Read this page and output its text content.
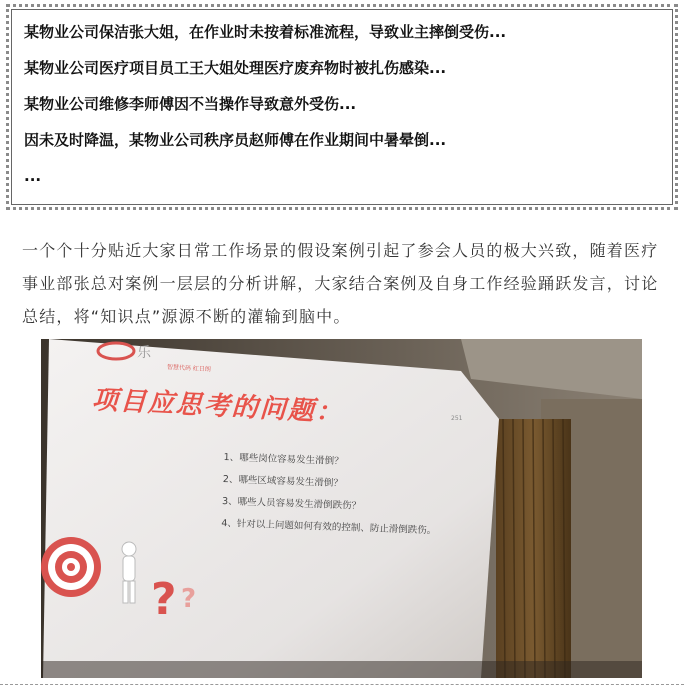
某物业公司保洁张大姐，在作业时未按着标准流程，导致业主摔倒受伤...
某物业公司医疗项目员工王大姐处理医疗废弃物时被扎伤感染...
某物业公司维修李师傅因不当操作导致意外受伤...
因未及时降温，某物业公司秩序员赵师傅在作业期间中暑晕倒...
...
一个个十分贴近大家日常工作场景的假设案例引起了参会人员的极大兴致，随着医疗事业部张总对案例一层层的分析讲解，大家结合案例及自身工作经验踊跃发言，讨论总结，将“知识点”源源不断的灌输到脑中。
? ?
乐
智慧代码 红日朗
251
项目应思考的问题：
1、哪些岗位容易发生滑倒？
2、哪些区域容易发生滑倒？
3、哪些人员容易发生滑倒跌伤？
4、针对以上问题如何有效的控制、防止滑倒跌伤。
